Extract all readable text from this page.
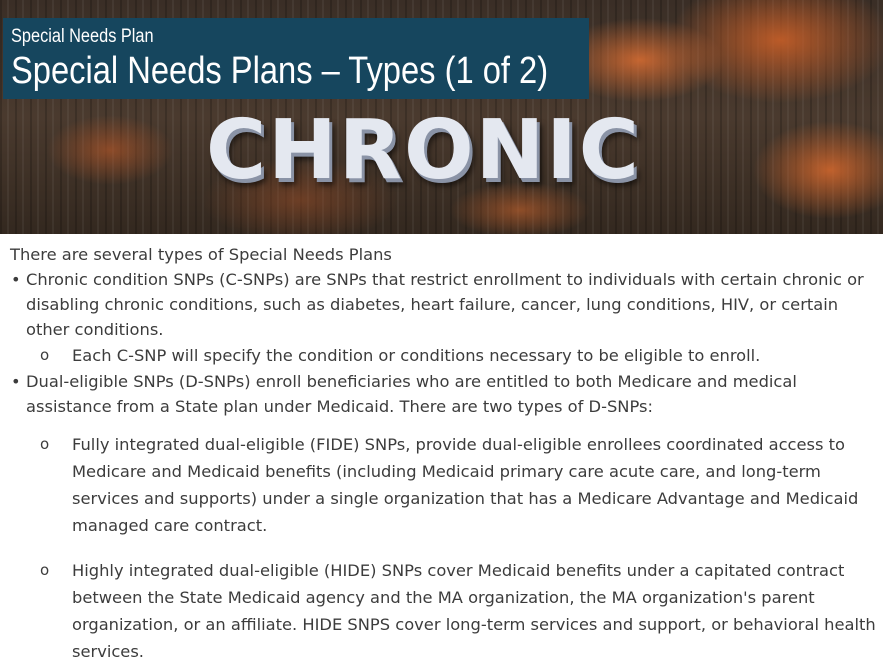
CHRONIC
Special Needs Plan
Special Needs Plans – Types (1 of 2)

There are several types of Special Needs Plans

• Chronic condition SNPs (C-SNPs) are SNPs that restrict enrollment to individuals with certain chronic or disabling chronic conditions, such as diabetes, heart failure, cancer, lung conditions, HIV, or certain other conditions.
o Each C-SNP will specify the condition or conditions necessary to be eligible to enroll.
• Dual-eligible SNPs (D-SNPs) enroll beneficiaries who are entitled to both Medicare and medical assistance from a State plan under Medicaid. There are two types of D-SNPs:
o Fully integrated dual-eligible (FIDE) SNPs, provide dual-eligible enrollees coordinated access to Medicare and Medicaid benefits (including Medicaid primary care acute care, and long-term services and supports) under a single organization that has a Medicare Advantage and Medicaid managed care contract.
o Highly integrated dual-eligible (HIDE) SNPs cover Medicaid benefits under a capitated contract between the State Medicaid agency and the MA organization, the MA organization's parent organization, or an affiliate. HIDE SNPS cover long-term services and support, or behavioral health services.
